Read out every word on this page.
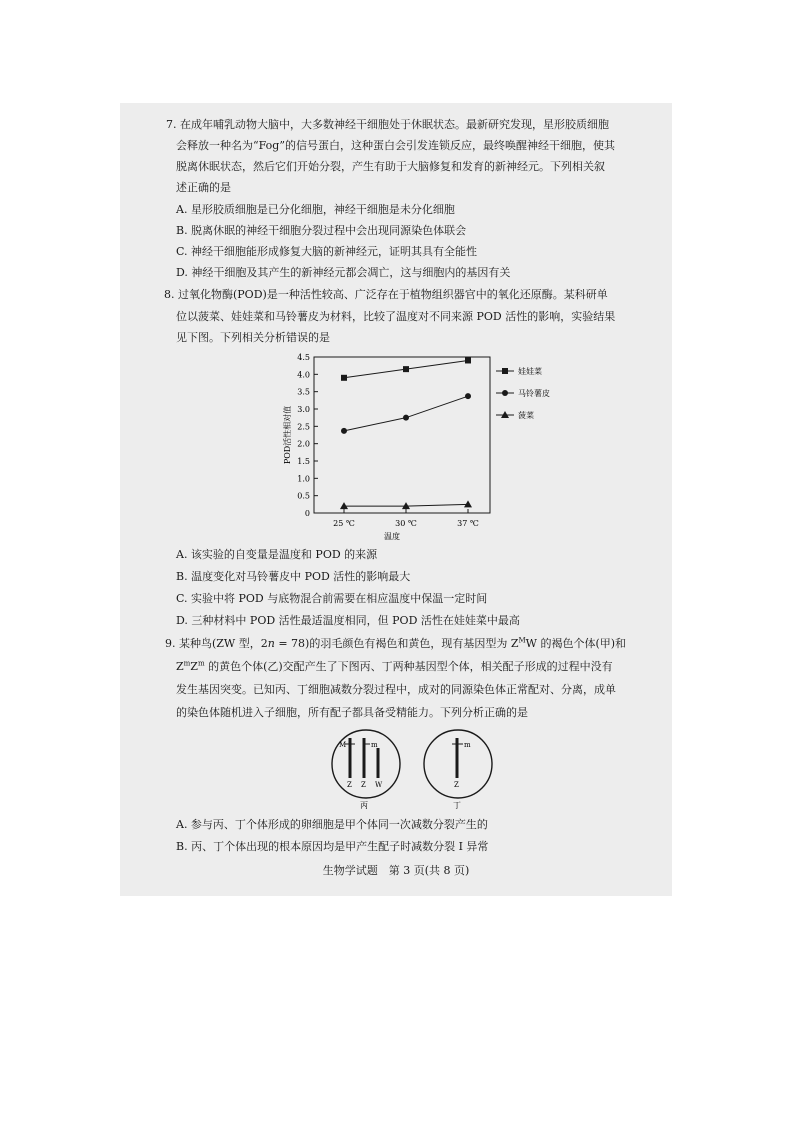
7. 在成年哺乳动物大脑中，大多数神经干细胞处于休眠状态。最新研究发现，星形胶质细胞
会释放一种名为“Fog”的信号蛋白，这种蛋白会引发连锁反应，最终唤醒神经干细胞，使其
脱离休眠状态，然后它们开始分裂，产生有助于大脑修复和发育的新神经元。下列相关叙
述正确的是
A. 星形胶质细胞是已分化细胞，神经干细胞是未分化细胞
B. 脱离休眠的神经干细胞分裂过程中会出现同源染色体联会
C. 神经干细胞能形成修复大脑的新神经元，证明其具有全能性
D. 神经干细胞及其产生的新神经元都会凋亡，这与细胞内的基因有关
8. 过氧化物酶(POD)是一种活性较高、广泛存在于植物组织器官中的氧化还原酶。某科研单
位以菠菜、娃娃菜和马铃薯皮为材料，比较了温度对不同来源 POD 活性的影响，实验结果
见下图。下列相关分析错误的是
0
0.5
1.0
1.5
2.0
2.5
3.0
3.5
4.0
4.5
25 ℃	30 ℃	37 ℃
温度
POD活性相对值
娃娃菜
马铃薯皮
菠菜
A. 该实验的自变量是温度和 POD 的来源
B. 温度变化对马铃薯皮中 POD 活性的影响最大
C. 实验中将 POD 与底物混合前需要在相应温度中保温一定时间
D. 三种材料中 POD 活性最适温度相同，但 POD 活性在娃娃菜中最高
9. 某种鸟(ZW 型，2n = 78)的羽毛颜色有褐色和黄色，现有基因型为 $Z^MW$ 的褐色个体(甲)和
$Z^mZ^m$ 的黄色个体(乙)交配产生了下图丙、丁两种基因型个体，相关配子形成的过程中没有
发生基因突变。已知丙、丁细胞减数分裂过程中，成对的同源染色体正常配对、分离，成单
的染色体随机进入子细胞，所有配子都具备受精能力。下列分析正确的是
M	m
Z Z W
丙
m
Z
丁
A. 参与丙、丁个体形成的卵细胞是甲个体同一次减数分裂产生的
B. 丙、丁个体出现的根本原因均是甲产生配子时减数分裂 Ⅰ 异常
生物学试题　第 3 页(共 8 页)
